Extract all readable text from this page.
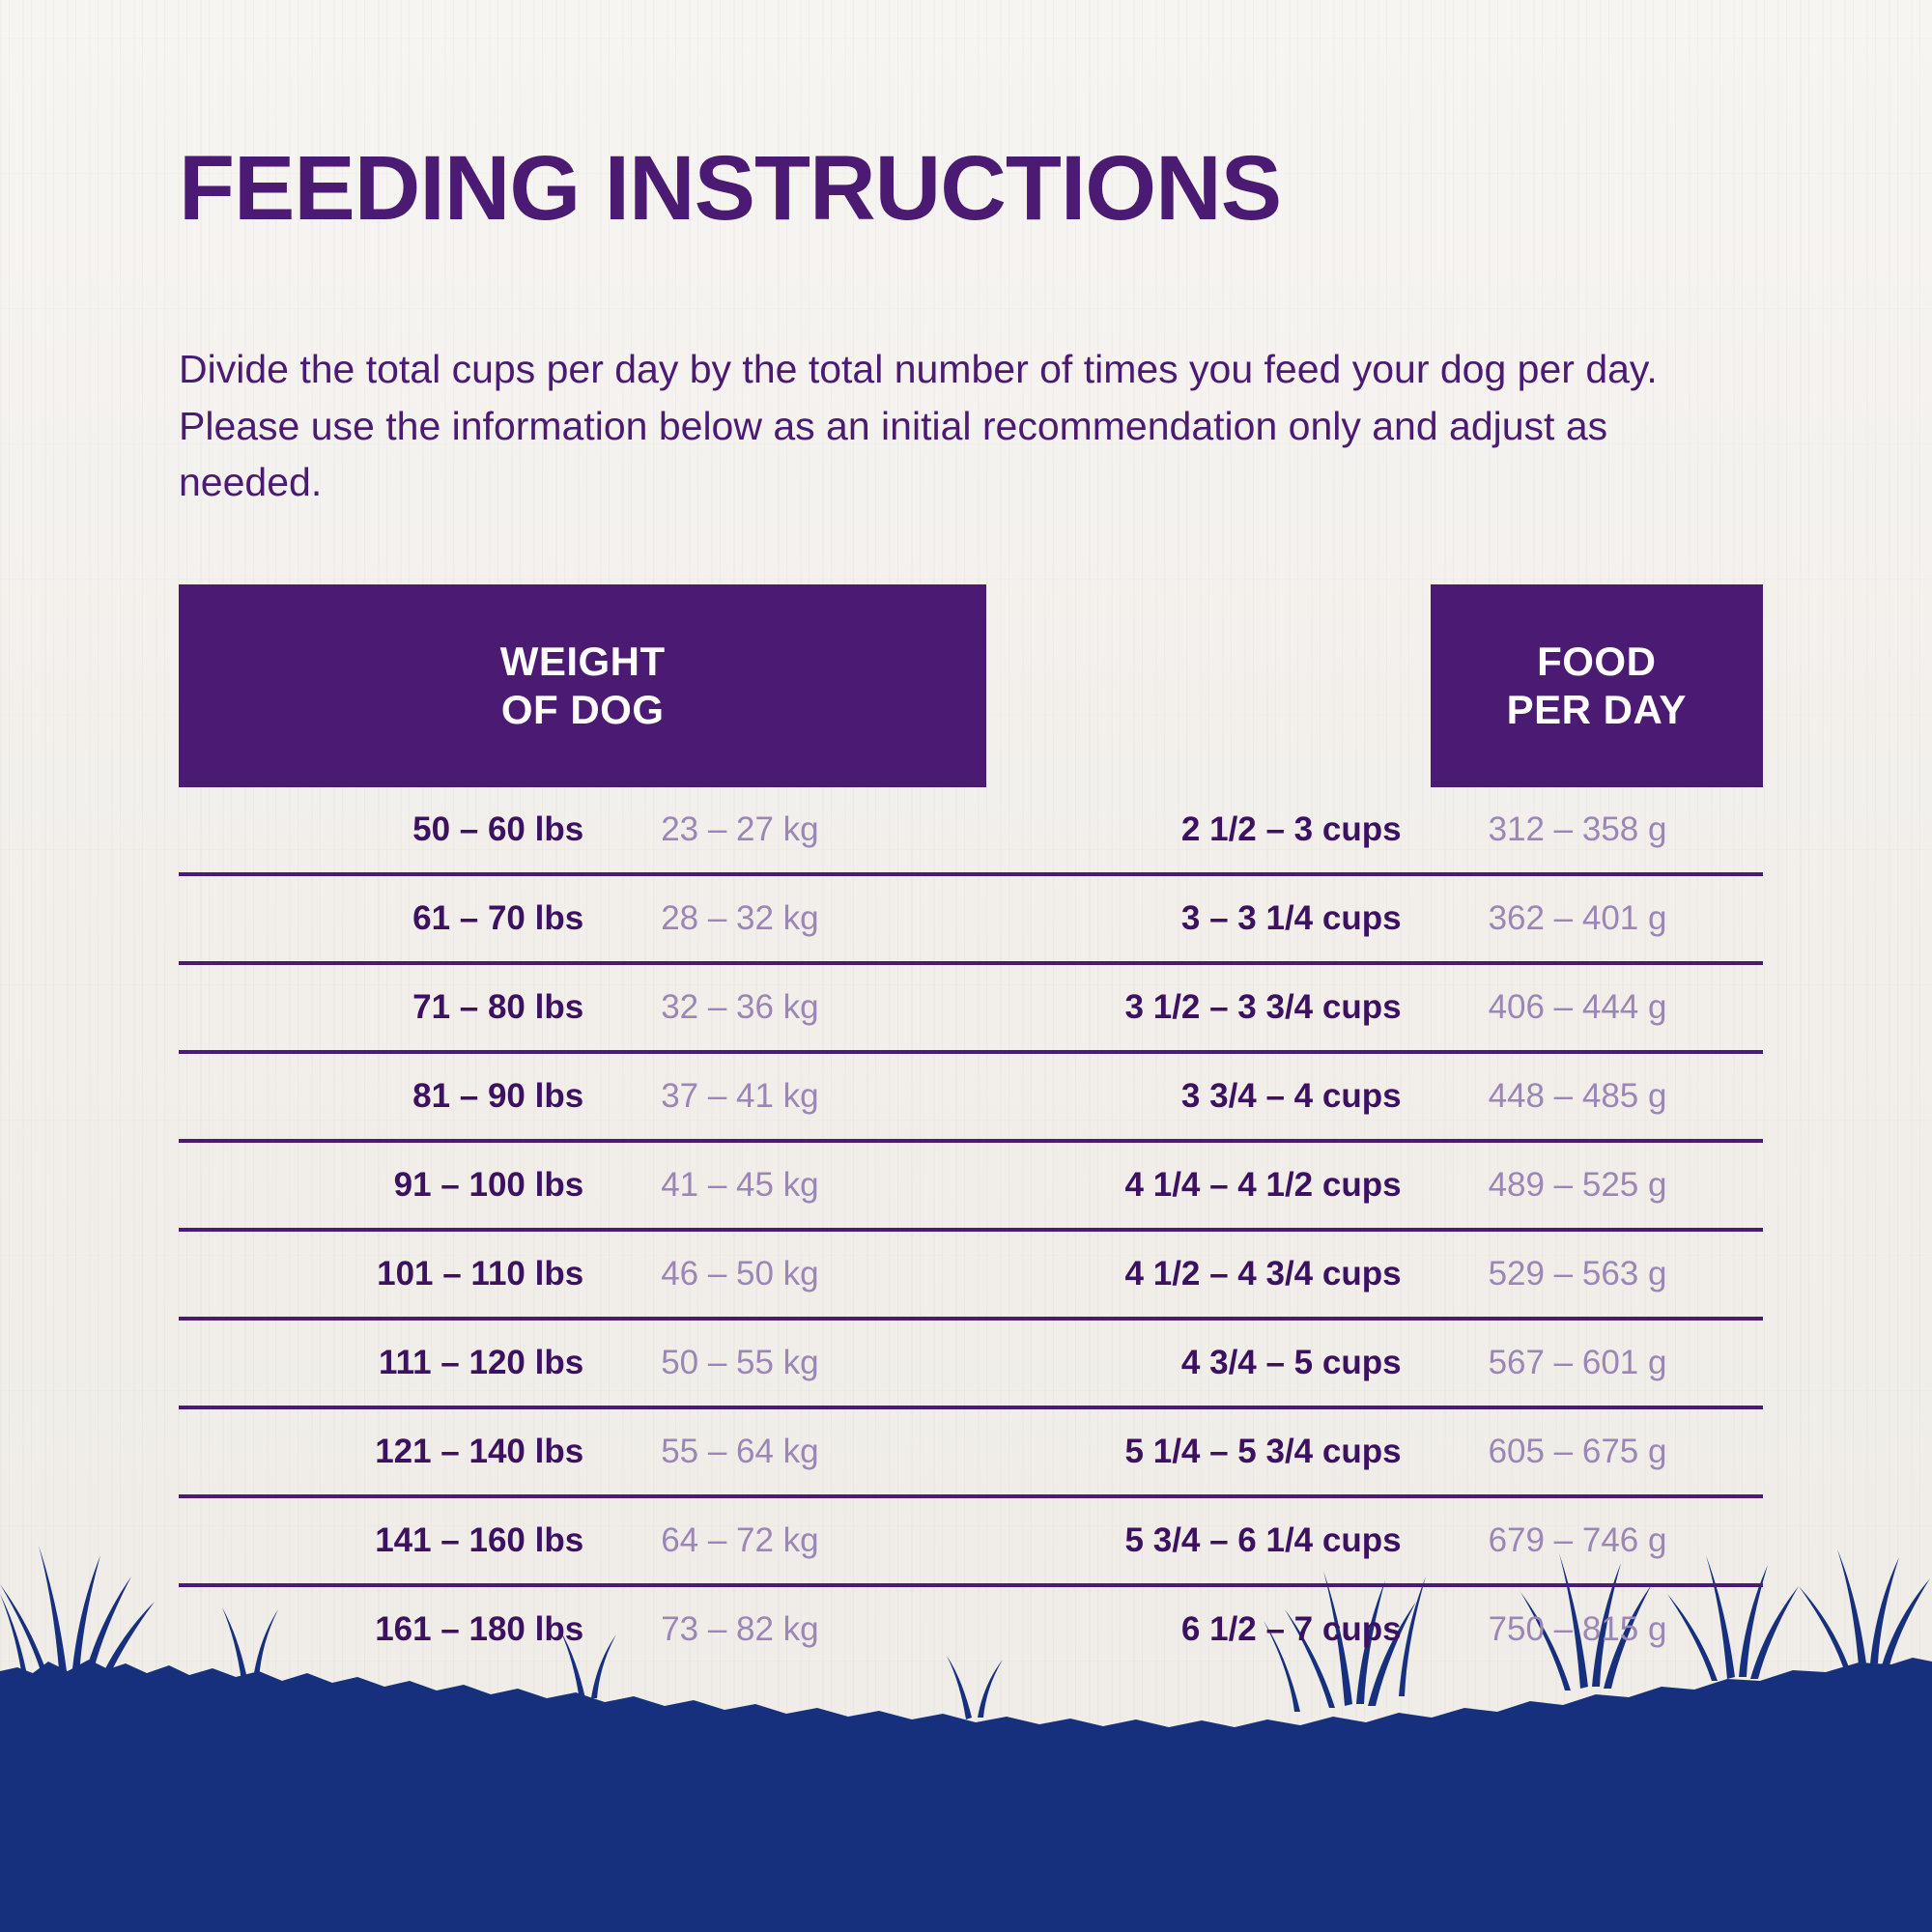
FEEDING INSTRUCTIONS

Divide the total cups per day by the total number of times you feed your dog per day. Please use the information below as an initial recommendation only and adjust as needed.

WEIGHT
OF DOG			FOOD
PER DAY

50 – 60 lbs	23 – 27 kg	2 1/2 – 3 cups	312 – 358 g
61 – 70 lbs	28 – 32 kg	3 – 3 1/4 cups	362 – 401 g
71 – 80 lbs	32 – 36 kg	3 1/2 – 3 3/4 cups	406 – 444 g
81 – 90 lbs	37 – 41 kg	3 3/4 – 4 cups	448 – 485 g
91 – 100 lbs	41 – 45 kg	4 1/4 – 4 1/2 cups	489 – 525 g
101 – 110 lbs	46 – 50 kg	4 1/2 – 4 3/4 cups	529 – 563 g
111 – 120 lbs	50 – 55 kg	4 3/4 – 5 cups	567 – 601 g
121 – 140 lbs	55 – 64 kg	5 1/4 – 5 3/4 cups	605 – 675 g
141 – 160 lbs	64 – 72 kg	5 3/4 – 6 1/4 cups	679 – 746 g
161 – 180 lbs	73 – 82 kg	6 1/2 – 7 cups	750 – 815 g
